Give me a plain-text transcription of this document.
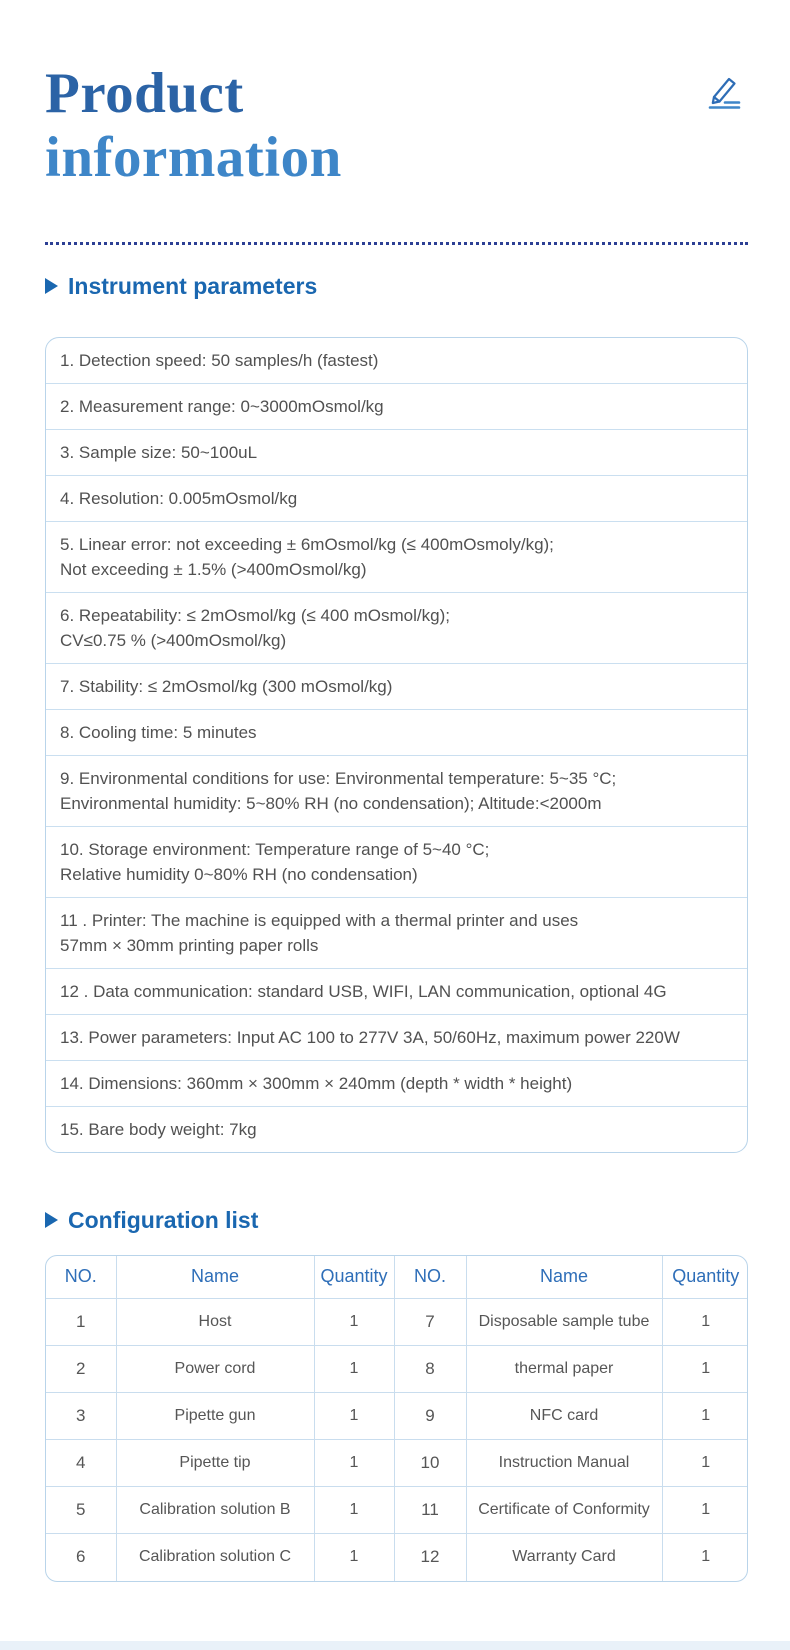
Product
information
Instrument parameters
1. Detection speed: 50 samples/h (fastest)
2. Measurement range: 0~3000mOsmol/kg
3. Sample size: 50~100uL
4. Resolution: 0.005mOsmol/kg
5. Linear error: not exceeding ± 6mOsmol/kg (≤ 400mOsmoly/kg);
Not exceeding ± 1.5% (>400mOsmol/kg)
6. Repeatability: ≤ 2mOsmol/kg (≤ 400 mOsmol/kg);
CV≤0.75 % (>400mOsmol/kg)
7. Stability: ≤ 2mOsmol/kg (300 mOsmol/kg)
8. Cooling time: 5 minutes
9. Environmental conditions for use: Environmental temperature: 5~35 °C;
Environmental humidity: 5~80% RH (no condensation); Altitude:<2000m
10. Storage environment: Temperature range of 5~40 °C;
Relative humidity 0~80% RH (no condensation)
11 . Printer: The machine is equipped with a thermal printer and uses
57mm × 30mm printing paper rolls
12 . Data communication: standard USB, WIFI, LAN communication, optional 4G
13. Power parameters: Input AC 100 to 277V 3A, 50/60Hz, maximum power 220W
14. Dimensions: 360mm × 300mm × 240mm (depth * width * height)
15. Bare body weight: 7kg
Configuration list
NO.	Name	Quantity	NO.	Name	Quantity
1	Host	1	7	Disposable sample tube	1
2	Power cord	1	8	thermal paper	1
3	Pipette gun	1	9	NFC card	1
4	Pipette tip	1	10	Instruction Manual	1
5	Calibration solution B	1	11	Certificate of Conformity	1
6	Calibration solution C	1	12	Warranty Card	1
